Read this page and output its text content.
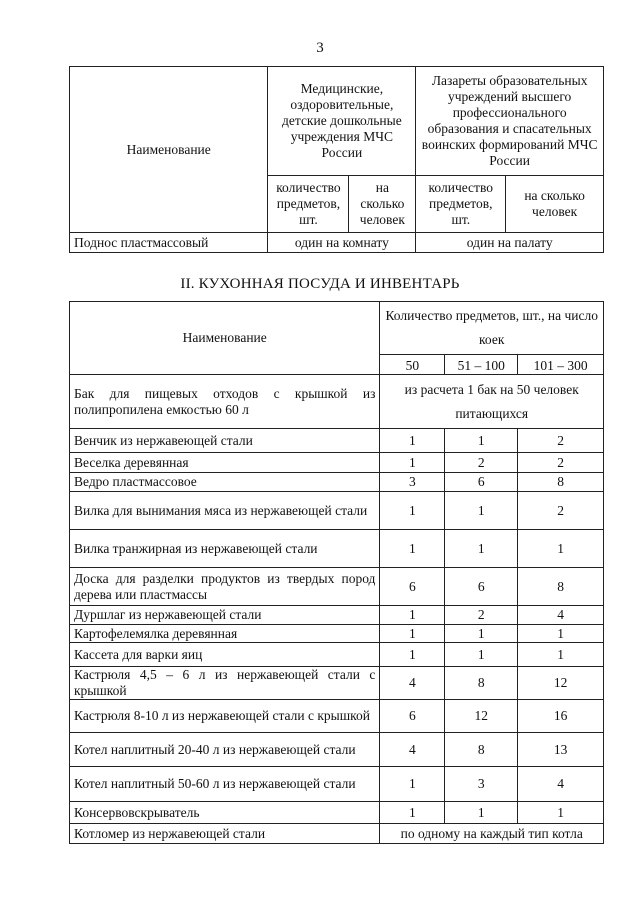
3
Наименование	Медицинские, оздоровительные, детские дошкольные учреждения МЧС России		Лазареты образовательных учреждений высшего профессионального образования и спасательных воинских формирований МЧС России	
	количество предметов, шт.	на сколько человек	количество предметов, шт.	на сколько человек
Поднос пластмассовый	один на комнату		один на палату	
II. КУХОННАЯ ПОСУДА И ИНВЕНТАРЬ
Наименование	Количество предметов, шт., на число коек		
	50	51 – 100	101 – 300
Бак для пищевых отходов с крышкой из полипропилена емкостью 60 л	из расчета 1 бак на 50 человек питающихся		
Венчик из нержавеющей стали	1	1	2
Веселка деревянная	1	2	2
Ведро пластмассовое	3	6	8
Вилка для вынимания мяса из нержавеющей стали	1	1	2
Вилка транжирная из нержавеющей стали	1	1	1
Доска для разделки продуктов из твердых пород дерева или пластмассы	6	6	8
Дуршлаг из нержавеющей стали	1	2	4
Картофелемялка деревянная	1	1	1
Кассета для варки яиц	1	1	1
Кастрюля 4,5 – 6 л из нержавеющей стали с крышкой	4	8	12
Кастрюля 8-10 л из нержавеющей стали с крышкой	6	12	16
Котел наплитный 20-40 л из нержавеющей стали	4	8	13
Котел наплитный 50-60 л из нержавеющей стали	1	3	4
Консервовскрыватель	1	1	1
Котломер из нержавеющей стали	по одному на каждый тип котла		
